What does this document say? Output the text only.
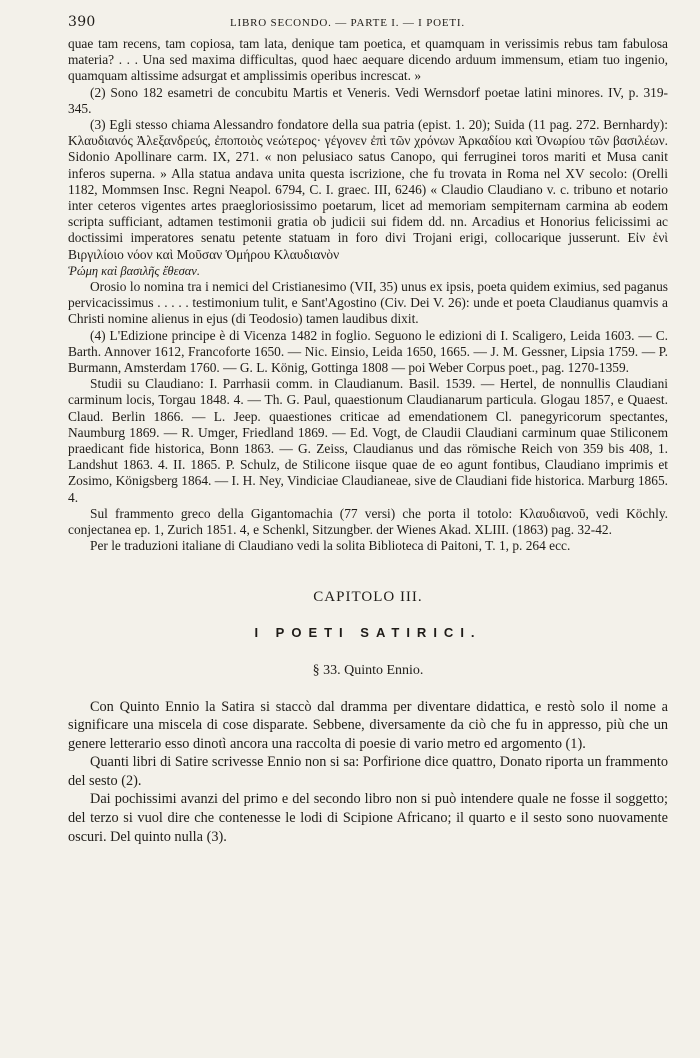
390	LIBRO SECONDO. — PARTE I. — I POETI.

quae tam recens, tam copiosa, tam lata, denique tam poetica, et quamquam in verissimis rebus tam fabulosa materia? . . . Una sed maxima difficultas, quod haec aequare dicendo arduum immensum, etiam tuo ingenio, quamquam altissime adsurgat et amplissimis operibus increscat. »

(2) Sono 182 esametri de concubitu Martis et Veneris. Vedi Wernsdorf poetae latini minores. IV, p. 319-345.

(3) Egli stesso chiama Alessandro fondatore della sua patria (epist. 1. 20); Suida (11 pag. 272. Bernhardy): Κλαυδιανός Ἀλεξανδρεύς, ἐποποιὸς νεώτερος· γέγονεν ἐπὶ τῶν χρόνων Ἀρκαδίου καὶ Ὀνωρίου τῶν βασιλέων. Sidonio Apollinare carm. IX, 271. « non pelusiaco satus Canopo, qui ferruginei toros mariti et Musa canit inferos superna. » Alla statua andava unita questa iscrizione, che fu trovata in Roma nel XV secolo: (Orelli 1182, Mommsen Insc. Regni Neapol. 6794, C. I. graec. III, 6246) « Claudio Claudiano v. c. tribuno et notario inter ceteros vigentes artes praegloriosissimo poetarum, licet ad memoriam sempiternam carmina ab eodem scripta sufficiant, adtamen testimonii gratia ob judicii sui fidem dd. nn. Arcadius et Honorius felicissimi ac doctissimi imperatores senatu petente statuam in foro divi Trojani erigi, collocarique jusserunt. Εἰν ἑνὶ Βιργιλίοιο νόον καὶ Μοῦσαν Ὁμήρου Κλαυδιανὸν

Ῥώμη καὶ βασιλῆς ἔθεσαν.

Orosio lo nomina tra i nemici del Cristianesimo (VII, 35) unus ex ipsis, poeta quidem eximius, sed paganus pervicacissimus . . . . . testimonium tulit, e Sant'Agostino (Civ. Dei V. 26): unde et poeta Claudianus quamvis a Christi nomine alienus in ejus (di Teodosio) tamen laudibus dixit.

(4) L'Edizione principe è di Vicenza 1482 in foglio. Seguono le edizioni di I. Scaligero, Leida 1603. — C. Barth. Annover 1612, Francoforte 1650. — Nic. Einsio, Leida 1650, 1665. — J. M. Gessner, Lipsia 1759. — P. Burmann, Amsterdam 1760. — G. L. König, Gottinga 1808 — poi Weber Corpus poet., pag. 1270-1359.

Studii su Claudiano: I. Parrhasii comm. in Claudianum. Basil. 1539. — Hertel, de nonnullis Claudiani carminum locis, Torgau 1848. 4. — Th. G. Paul, quaestionum Claudianarum particula. Glogau 1857, e Quaest. Claud. Berlin 1866. — L. Jeep. quaestiones criticae ad emendationem Cl. panegyricorum spectantes, Naumburg 1869. — R. Umger, Friedland 1869. — Ed. Vogt, de Claudii Claudiani carminum quae Stiliconem praedicant fide historica, Bonn 1863. — G. Zeiss, Claudianus und das römische Reich von 359 bis 408, 1. Landshut 1863. 4. II. 1865. P. Schulz, de Stilicone iisque quae de eo agunt fontibus, Claudiano imprimis et Zosimo, Königsberg 1864. — I. H. Ney, Vindiciae Claudianeae, sive de Claudiani fide historica. Marburg 1865. 4.

Sul frammento greco della Gigantomachia (77 versi) che porta il totolo: Κλαυδιανοῦ, vedi Köchly. conjectanea ep. 1, Zurich 1851. 4, e Schenkl, Sitzungber. der Wienes Akad. XLIII. (1863) pag. 32-42.

Per le traduzioni italiane di Claudiano vedi la solita Biblioteca di Paitoni, T. 1, p. 264 ecc.

CAPITOLO III.
I POETI SATIRICI.
§ 33. Quinto Ennio.

Con Quinto Ennio la Satira si staccò dal dramma per diventare didattica, e restò solo il nome a significare una miscela di cose disparate. Sebbene, diversamente da ciò che fu in appresso, più che un genere letterario esso dinotì ancora una raccolta di poesie di vario metro ed argomento (1).

Quanti libri di Satire scrivesse Ennio non si sa: Porfirione dice quattro, Donato riporta un frammento del sesto (2).

Dai pochissimi avanzi del primo e del secondo libro non si può intendere quale ne fosse il soggetto; del terzo si vuol dire che contenesse le lodi di Scipione Africano; il quarto e il sesto sono nuovamente oscuri. Del quinto nulla (3).
